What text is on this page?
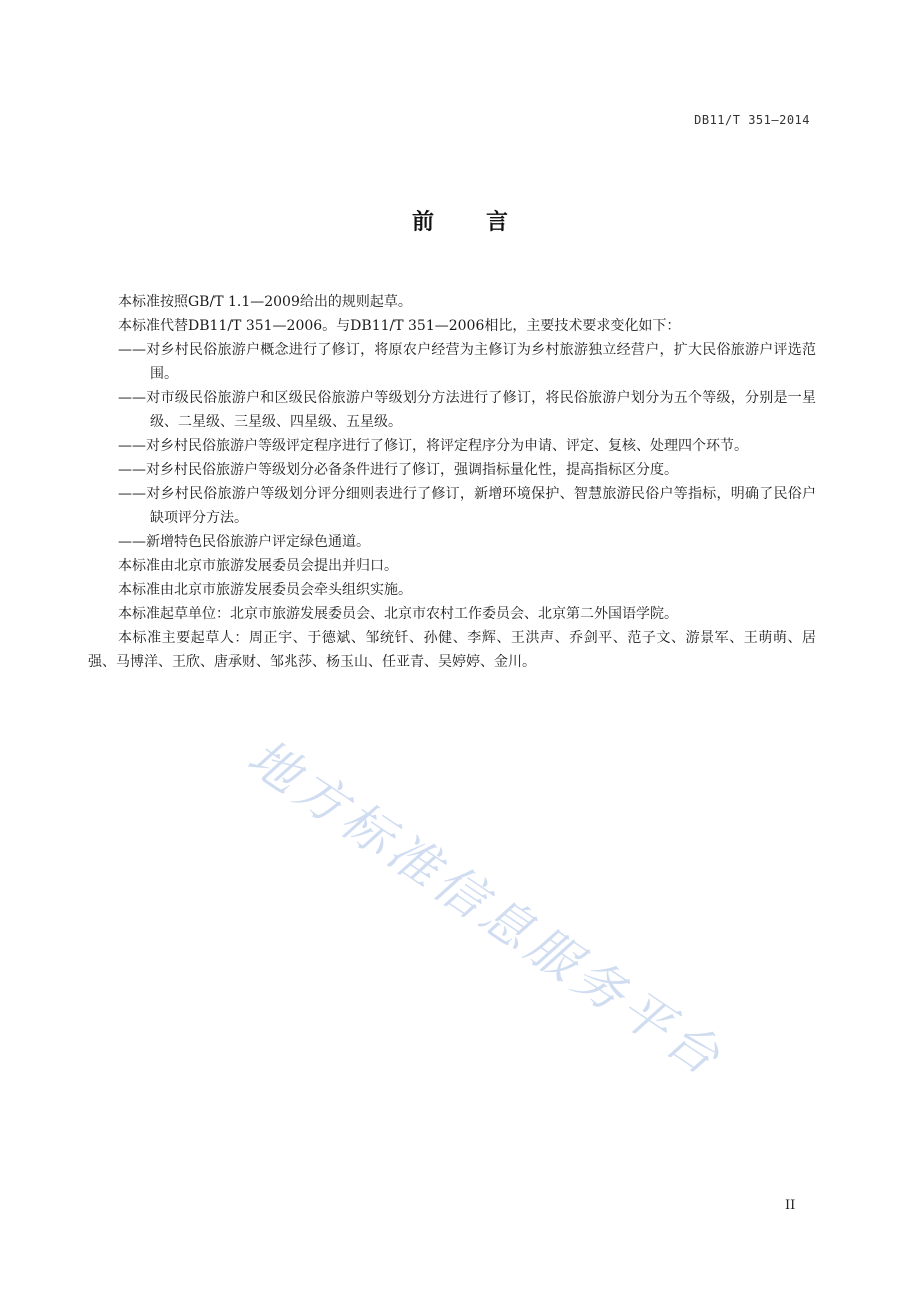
DB11/T 351—2014
前言

本标准按照GB/T 1.1—2009给出的规则起草。

本标准代替DB11/T 351—2006。与DB11/T 351—2006相比，主要技术要求变化如下：

——对乡村民俗旅游户概念进行了修订，将原农户经营为主修订为乡村旅游独立经营户，扩大民俗旅游户评选范围。

——对市级民俗旅游户和区级民俗旅游户等级划分方法进行了修订，将民俗旅游户划分为五个等级，分别是一星级、二星级、三星级、四星级、五星级。

——对乡村民俗旅游户等级评定程序进行了修订，将评定程序分为申请、评定、复核、处理四个环节。

——对乡村民俗旅游户等级划分必备条件进行了修订，强调指标量化性，提高指标区分度。

——对乡村民俗旅游户等级划分评分细则表进行了修订，新增环境保护、智慧旅游民俗户等指标，明确了民俗户缺项评分方法。

——新增特色民俗旅游户评定绿色通道。

本标准由北京市旅游发展委员会提出并归口。

本标准由北京市旅游发展委员会牵头组织实施。

本标准起草单位：北京市旅游发展委员会、北京市农村工作委员会、北京第二外国语学院。

本标准主要起草人：周正宇、于德斌、邹统钎、孙健、李辉、王洪声、乔剑平、范子文、游景军、王萌萌、居强、马博洋、王欣、唐承财、邹兆莎、杨玉山、任亚青、吴婷婷、金川。

地方标准信息服务平台
II
